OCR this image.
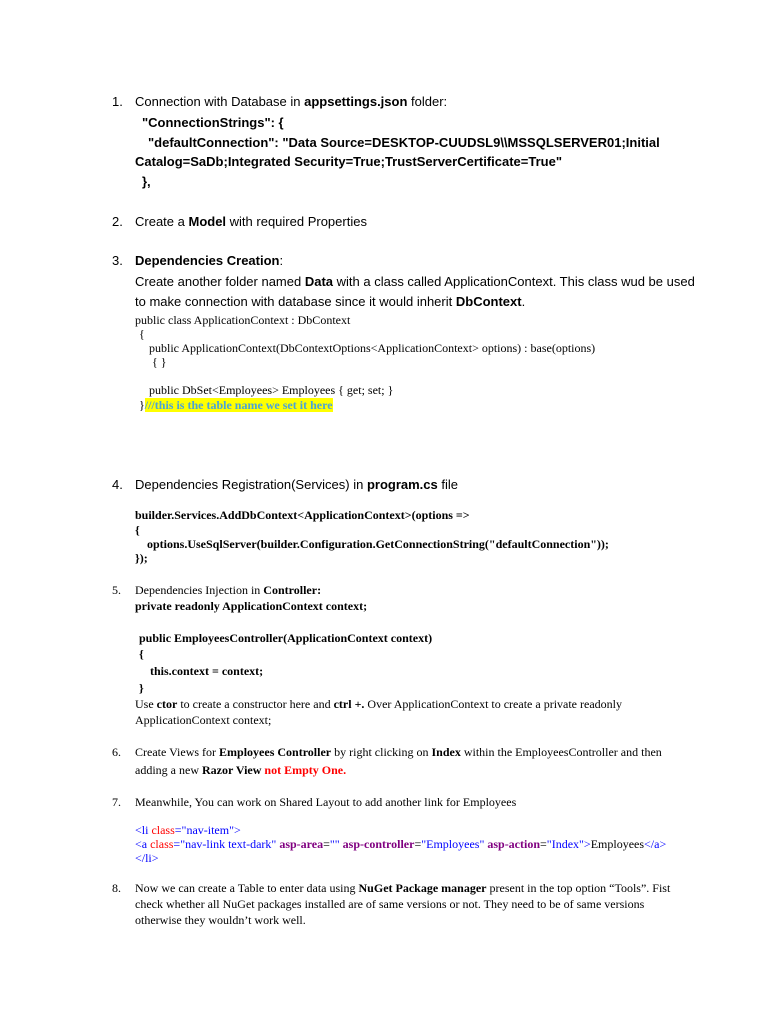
1. Connection with Database in appsettings.json folder:
"ConnectionStrings": {
"defaultConnection": "Data Source=DESKTOP-CUUDSL9\\MSSQLSERVER01;Initial
Catalog=SaDb;Integrated Security=True;TrustServerCertificate=True"
},
2. Create a Model with required Properties
3. Dependencies Creation:
Create another folder named Data with a class called ApplicationContext. This class wud be used
to make connection with database since it would inherit DbContext.
public class ApplicationContext : DbContext
{
public ApplicationContext(DbContextOptions<ApplicationContext> options) : base(options)
{ }
public DbSet<Employees> Employees { get; set; }
}///this is the table name we set it here
4. Dependencies Registration(Services) in program.cs file
builder.Services.AddDbContext<ApplicationContext>(options =>
{
options.UseSqlServer(builder.Configuration.GetConnectionString("defaultConnection"));
});
5. Dependencies Injection in Controller:
private readonly ApplicationContext context;
public EmployeesController(ApplicationContext context)
{
this.context = context;
}
Use ctor to create a constructor here and ctrl +. Over ApplicationContext to create a private readonly
ApplicationContext context;
6. Create Views for Employees Controller by right clicking on Index within the EmployeesController and then
adding a new Razor View not Empty One.
7. Meanwhile, You can work on Shared Layout to add another link for Employees
<li class="nav-item">
<a class="nav-link text-dark" asp-area="" asp-controller="Employees" asp-action="Index">Employees</a>
</li>
8. Now we can create a Table to enter data using NuGet Package manager present in the top option “Tools”. Fist
check whether all NuGet packages installed are of same versions or not. They need to be of same versions
otherwise they wouldn’t work well.
